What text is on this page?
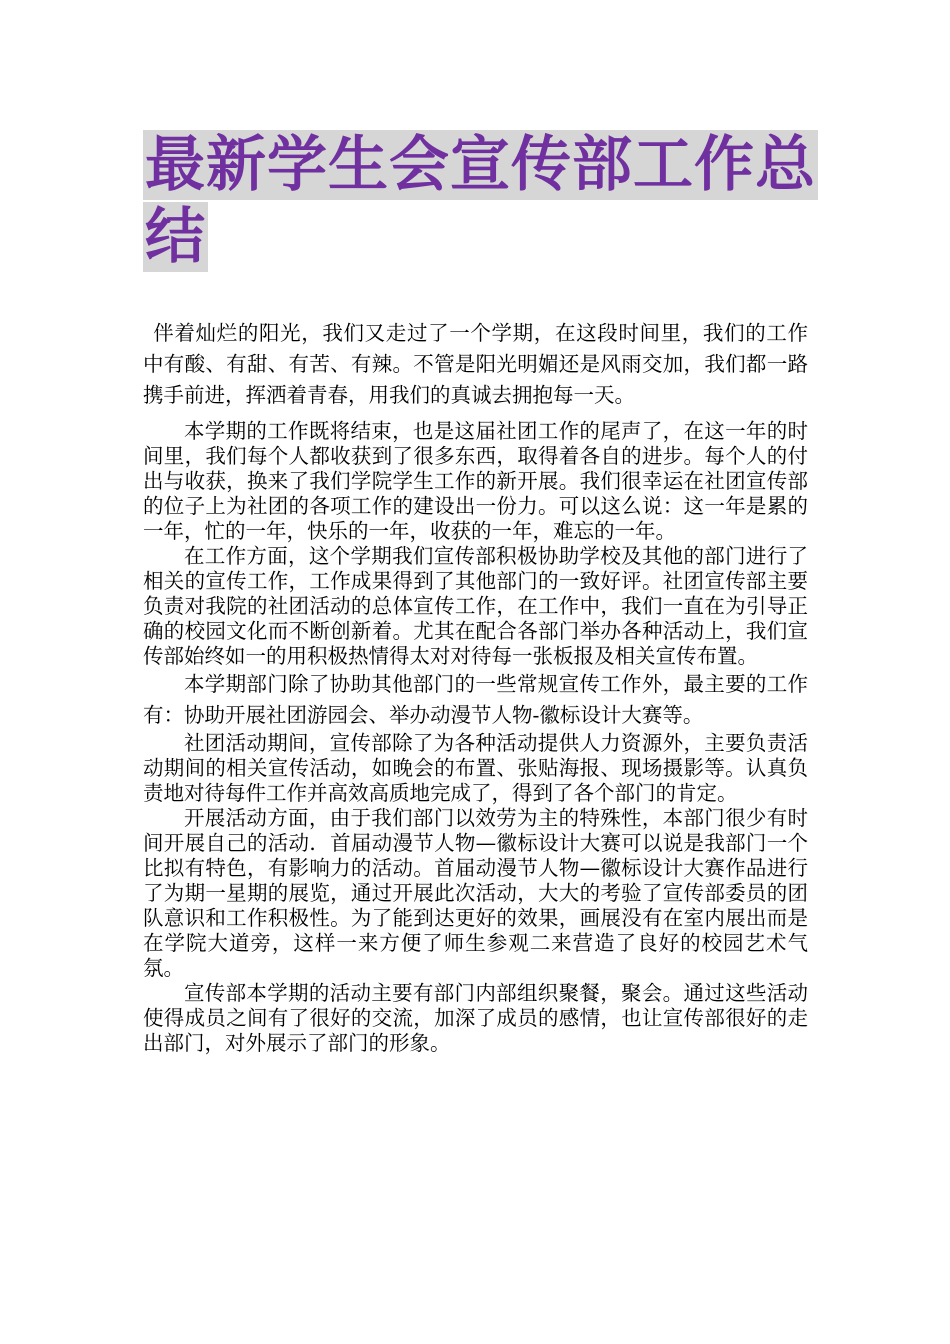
最新学生会宣传部工作总
结

伴着灿烂的阳光，我们又走过了一个学期，在这段时间里，我们的工作中有酸、有甜、有苦、有辣。不管是阳光明媚还是风雨交加，我们都一路携手前进，挥洒着青春，用我们的真诚去拥抱每一天。

本学期的工作既将结束，也是这届社团工作的尾声了，在这一年的时间里，我们每个人都收获到了很多东西，取得着各自的进步。每个人的付出与收获，换来了我们学院学生工作的新开展。我们很幸运在社团宣传部的位子上为社团的各项工作的建设出一份力。可以这么说：这一年是累的一年，忙的一年，快乐的一年，收获的一年，难忘的一年。

在工作方面，这个学期我们宣传部积极协助学校及其他的部门进行了相关的宣传工作，工作成果得到了其他部门的一致好评。社团宣传部主要负责对我院的社团活动的总体宣传工作，在工作中，我们一直在为引导正确的校园文化而不断创新着。尤其在配合各部门举办各种活动上，我们宣传部始终如一的用积极热情得太对对待每一张板报及相关宣传布置。

本学期部门除了协助其他部门的一些常规宣传工作外，最主要的工作有：协助开展社团游园会、举办动漫节人物-徽标设计大赛等。

社团活动期间，宣传部除了为各种活动提供人力资源外，主要负责活动期间的相关宣传活动，如晚会的布置、张贴海报、现场摄影等。认真负责地对待每件工作并高效高质地完成了，得到了各个部门的肯定。

开展活动方面，由于我们部门以效劳为主的特殊性，本部门很少有时间开展自己的活动．首届动漫节人物—徽标设计大赛可以说是我部门一个比拟有特色，有影响力的活动。首届动漫节人物—徽标设计大赛作品进行了为期一星期的展览，通过开展此次活动，大大的考验了宣传部委员的团队意识和工作积极性。为了能到达更好的效果，画展没有在室内展出而是在学院大道旁，这样一来方便了师生参观二来营造了良好的校园艺术气氛。

宣传部本学期的活动主要有部门内部组织聚餐，聚会。通过这些活动使得成员之间有了很好的交流，加深了成员的感情，也让宣传部很好的走出部门，对外展示了部门的形象。
